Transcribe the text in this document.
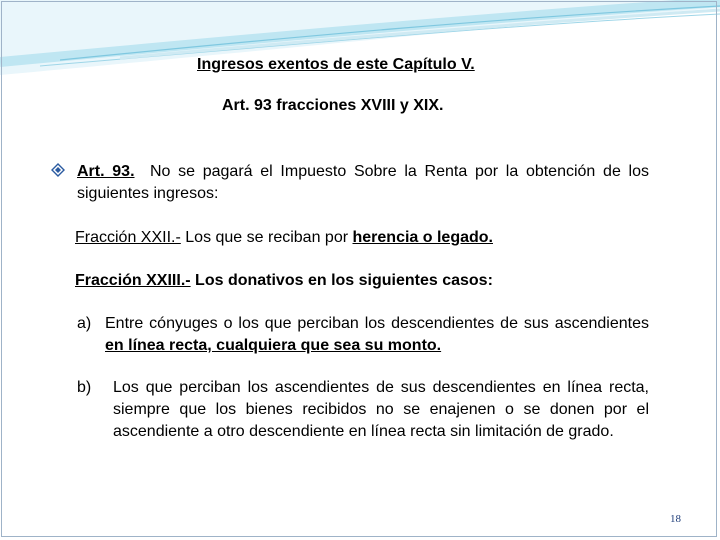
Ingresos exentos de este Capítulo V.
Art. 93 fracciones XVIII y XIX.
Art. 93. No se pagará el Impuesto Sobre la Renta por la obtención de los siguientes ingresos:
Fracción XXII.- Los que se reciban por herencia o legado.
Fracción XXIII.- Los donativos en los siguientes casos:
a) Entre cónyuges o los que perciban los descendientes de sus ascendientes en línea recta, cualquiera que sea su monto.
b) Los que perciban los ascendientes de sus descendientes en línea recta, siempre que los bienes recibidos no se enajenen o se donen por el ascendiente a otro descendiente en línea recta sin limitación de grado.
18
